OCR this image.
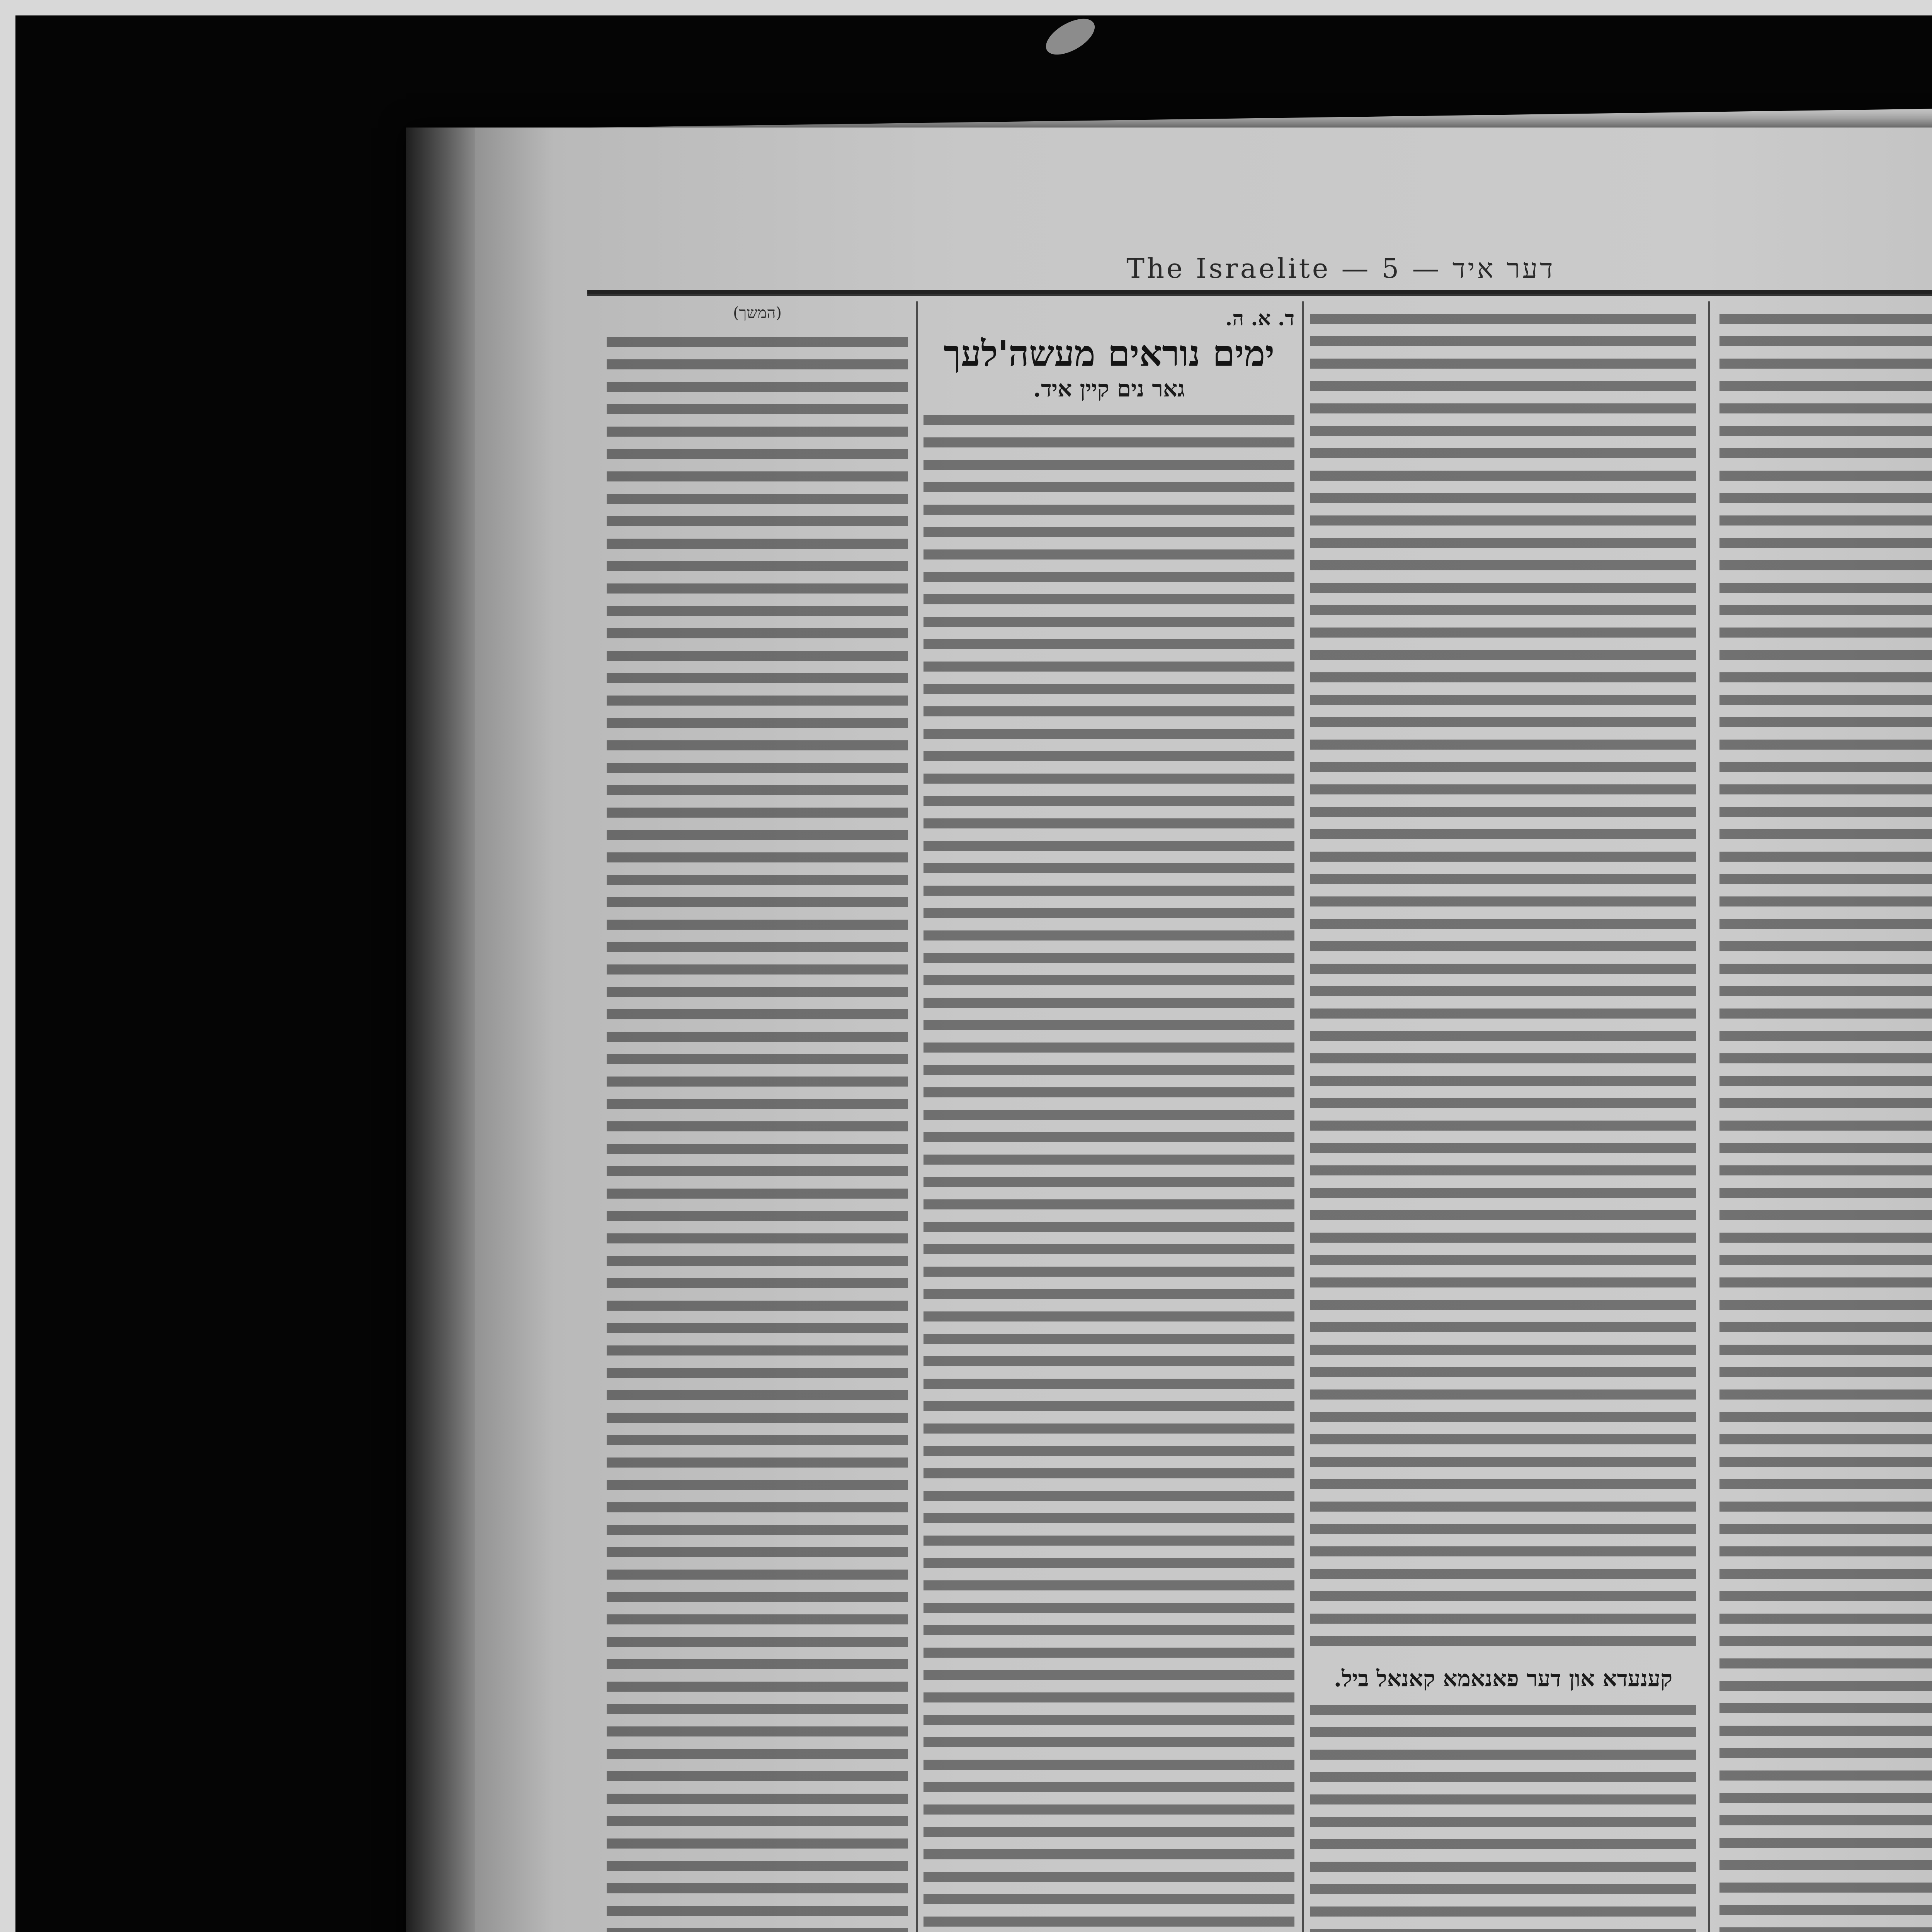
The Israelite — 5 — דער איד
קענעדא און דער פאנאמא קאנאל ביל.
ד. א. ה.
ימים נוראים מעשה'לעך
גאר נים קיין איד.
(המשך)
